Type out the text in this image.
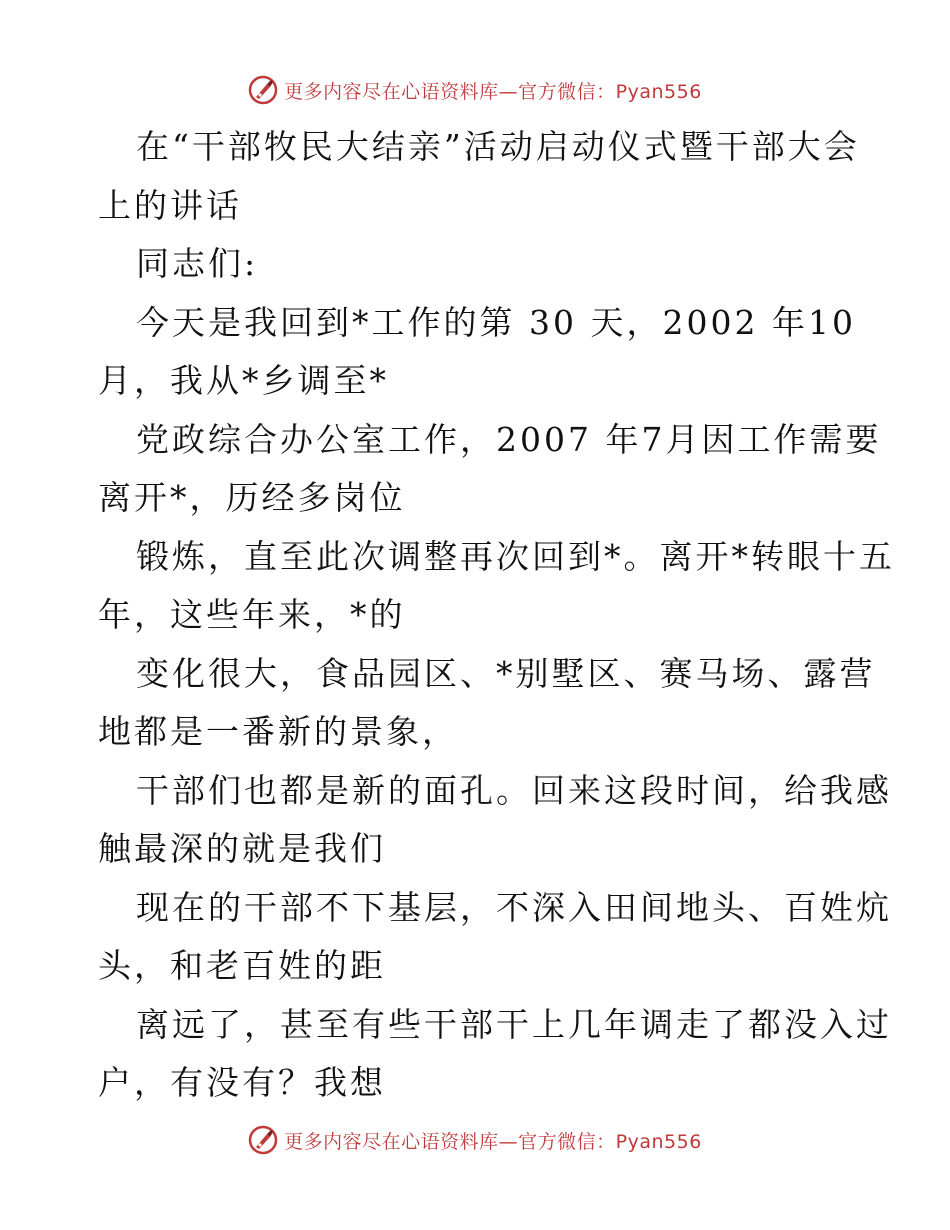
更多内容尽在心语资料库—官方微信：Pyan556
在“干部牧民大结亲”活动启动仪式暨干部大会
上的讲话
同志们:
今天是我回到*工作的第 30 天，2002 年10
月，我从*乡调至*
党政综合办公室工作，2007 年7月因工作需要
离开*，历经多岗位
锻炼，直至此次调整再次回到*。离开*转眼十五
年，这些年来，*的
变化很大，食品园区、*别墅区、赛马场、露营
地都是一番新的景象，
干部们也都是新的面孔。回来这段时间，给我感
触最深的就是我们
现在的干部不下基层，不深入田间地头、百姓炕
头，和老百姓的距
离远了，甚至有些干部干上几年调走了都没入过
户，有没有？我想
更多内容尽在心语资料库—官方微信：Pyan556
